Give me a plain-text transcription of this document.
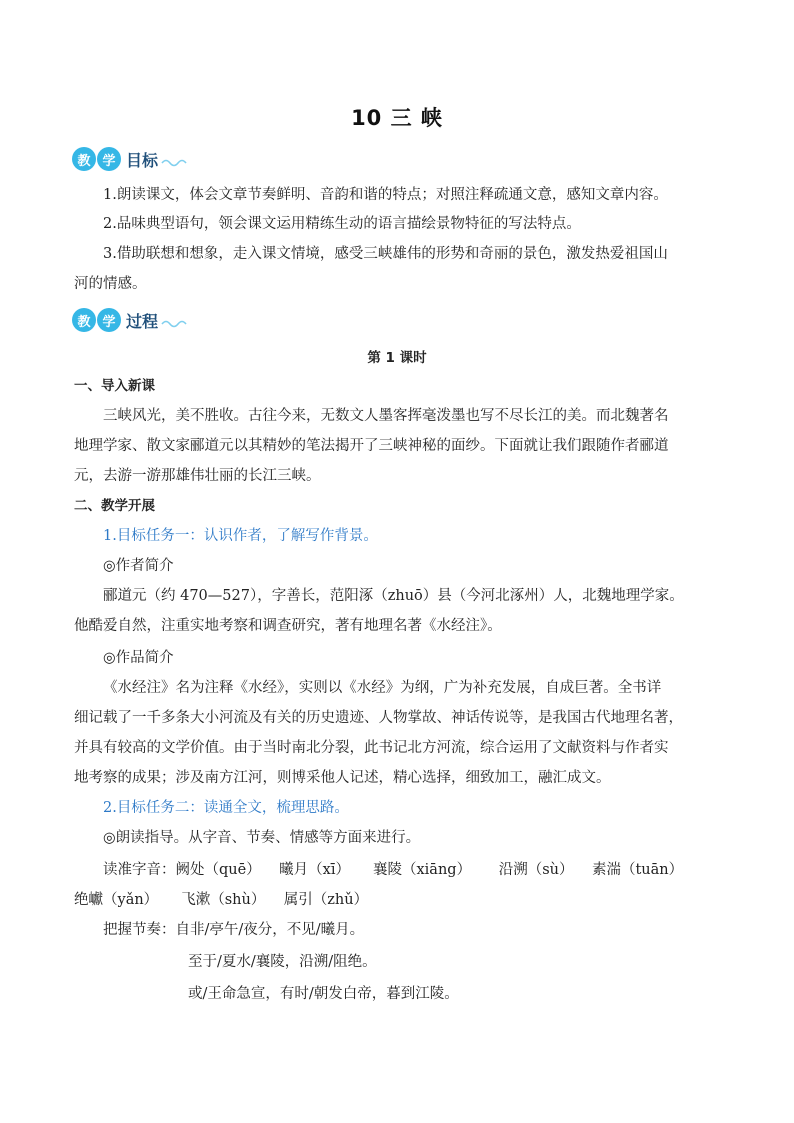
10 三 峡
教 学 目标
1.朗读课文，体会文章节奏鲜明、音韵和谐的特点；对照注释疏通文意，感知文章内容。
2.品味典型语句，领会课文运用精练生动的语言描绘景物特征的写法特点。
3.借助联想和想象，走入课文情境，感受三峡雄伟的形势和奇丽的景色，激发热爱祖国山
河的情感。
教 学 过程
第 1 课时
一、导入新课
三峡风光，美不胜收。古往今来，无数文人墨客挥毫泼墨也写不尽长江的美。而北魏著名
地理学家、散文家郦道元以其精妙的笔法揭开了三峡神秘的面纱。下面就让我们跟随作者郦道
元，去游一游那雄伟壮丽的长江三峡。
二、教学开展
1.目标任务一：认识作者，了解写作背景。
◎作者简介
郦道元（约 470—527），字善长，范阳涿（zhuō）县（今河北涿州）人，北魏地理学家。
他酷爱自然，注重实地考察和调查研究，著有地理名著《水经注》。
◎作品简介
《水经注》名为注释《水经》，实则以《水经》为纲，广为补充发展，自成巨著。全书详
细记载了一千多条大小河流及有关的历史遗迹、人物掌故、神话传说等，是我国古代地理名著，
并具有较高的文学价值。由于当时南北分裂，此书记北方河流，综合运用了文献资料与作者实
地考察的成果；涉及南方江河，则博采他人记述，精心选择，细致加工，融汇成文。
2.目标任务二：读通全文，梳理思路。
◎朗读指导。从字音、节奏、情感等方面来进行。
读准字音：阙处（quē）    曦月（xī）     襄陵（xiāng）      沿溯（sù）    素湍（tuān）
绝巘（yǎn）     飞漱（shù）    属引（zhǔ）
把握节奏：自非/亭午/夜分，不见/曦月。
至于/夏水/襄陵，沿溯/阻绝。
或/王命急宣，有时/朝发白帝，暮到江陵。
